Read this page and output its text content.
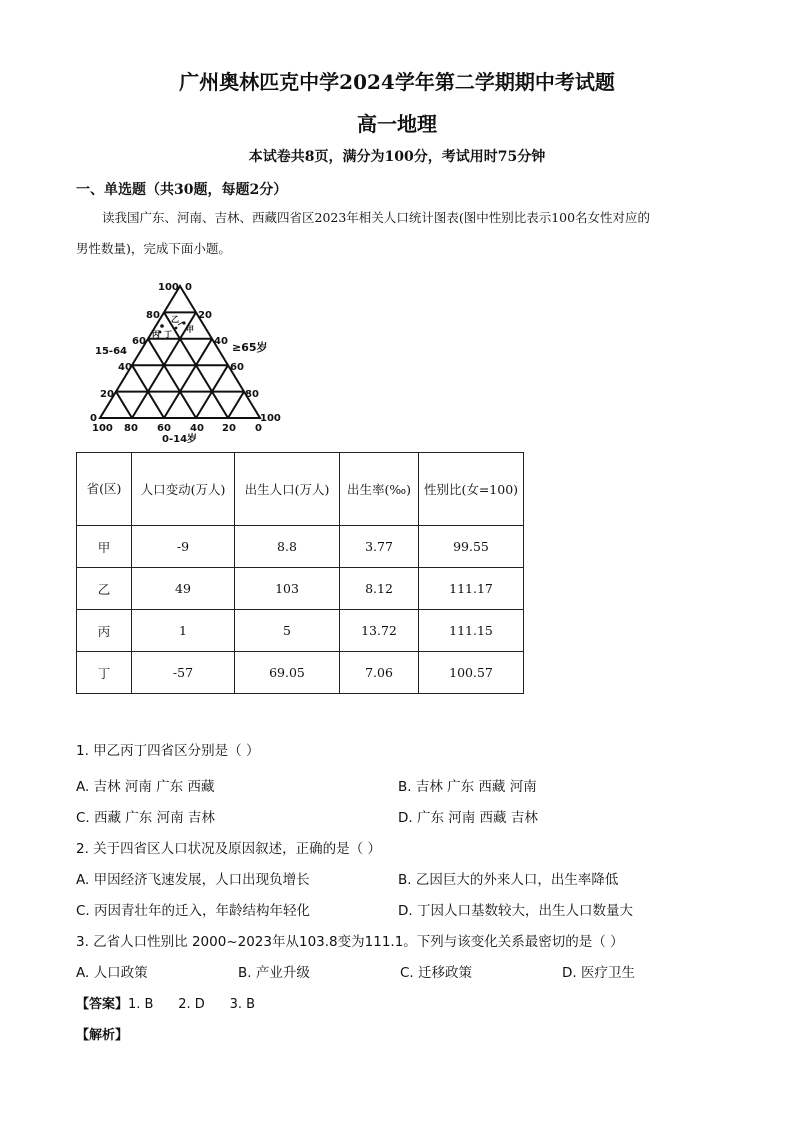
广州奥林匹克中学2024学年第二学期期中考试题
高一地理
本试卷共8页，满分为100分，考试用时75分钟
一、单选题（共30题，每题2分）
读我国广东、河南、吉林、西藏四省区2023年相关人口统计图表(图中性别比表示100名女性对应的
男性数量)，完成下面小题。
100
80
60
40
20
0
0
20
40
60
80
100
100 80 60 40 20 0
15-64	≥65岁
0-14岁
乙
甲
丙 丁
省(区)	人口变动(万人)	出生人口(万人)	出生率(‰)	性别比(女=100)
甲	-9	8.8	3.77	99.55
乙	49	103	8.12	111.17
丙	1	5	13.72	111.15
丁	-57	69.05	7.06	100.57
1. 甲乙丙丁四省区分别是（ ）
A. 吉林 河南 广东 西藏	B. 吉林 广东 西藏 河南
C. 西藏 广东 河南 吉林	D. 广东 河南 西藏 吉林
2. 关于四省区人口状况及原因叙述，正确的是（ ）
A. 甲因经济飞速发展，人口出现负增长	B. 乙因巨大的外来人口，出生率降低
C. 丙因青壮年的迁入，年龄结构年轻化	D. 丁因人口基数较大，出生人口数量大
3. 乙省人口性别比 2000~2023年从103.8变为111.1。下列与该变化关系最密切的是（ ）
A. 人口政策	B. 产业升级	C. 迁移政策	D. 医疗卫生
【答案】1. B      2. D      3. B
【解析】
